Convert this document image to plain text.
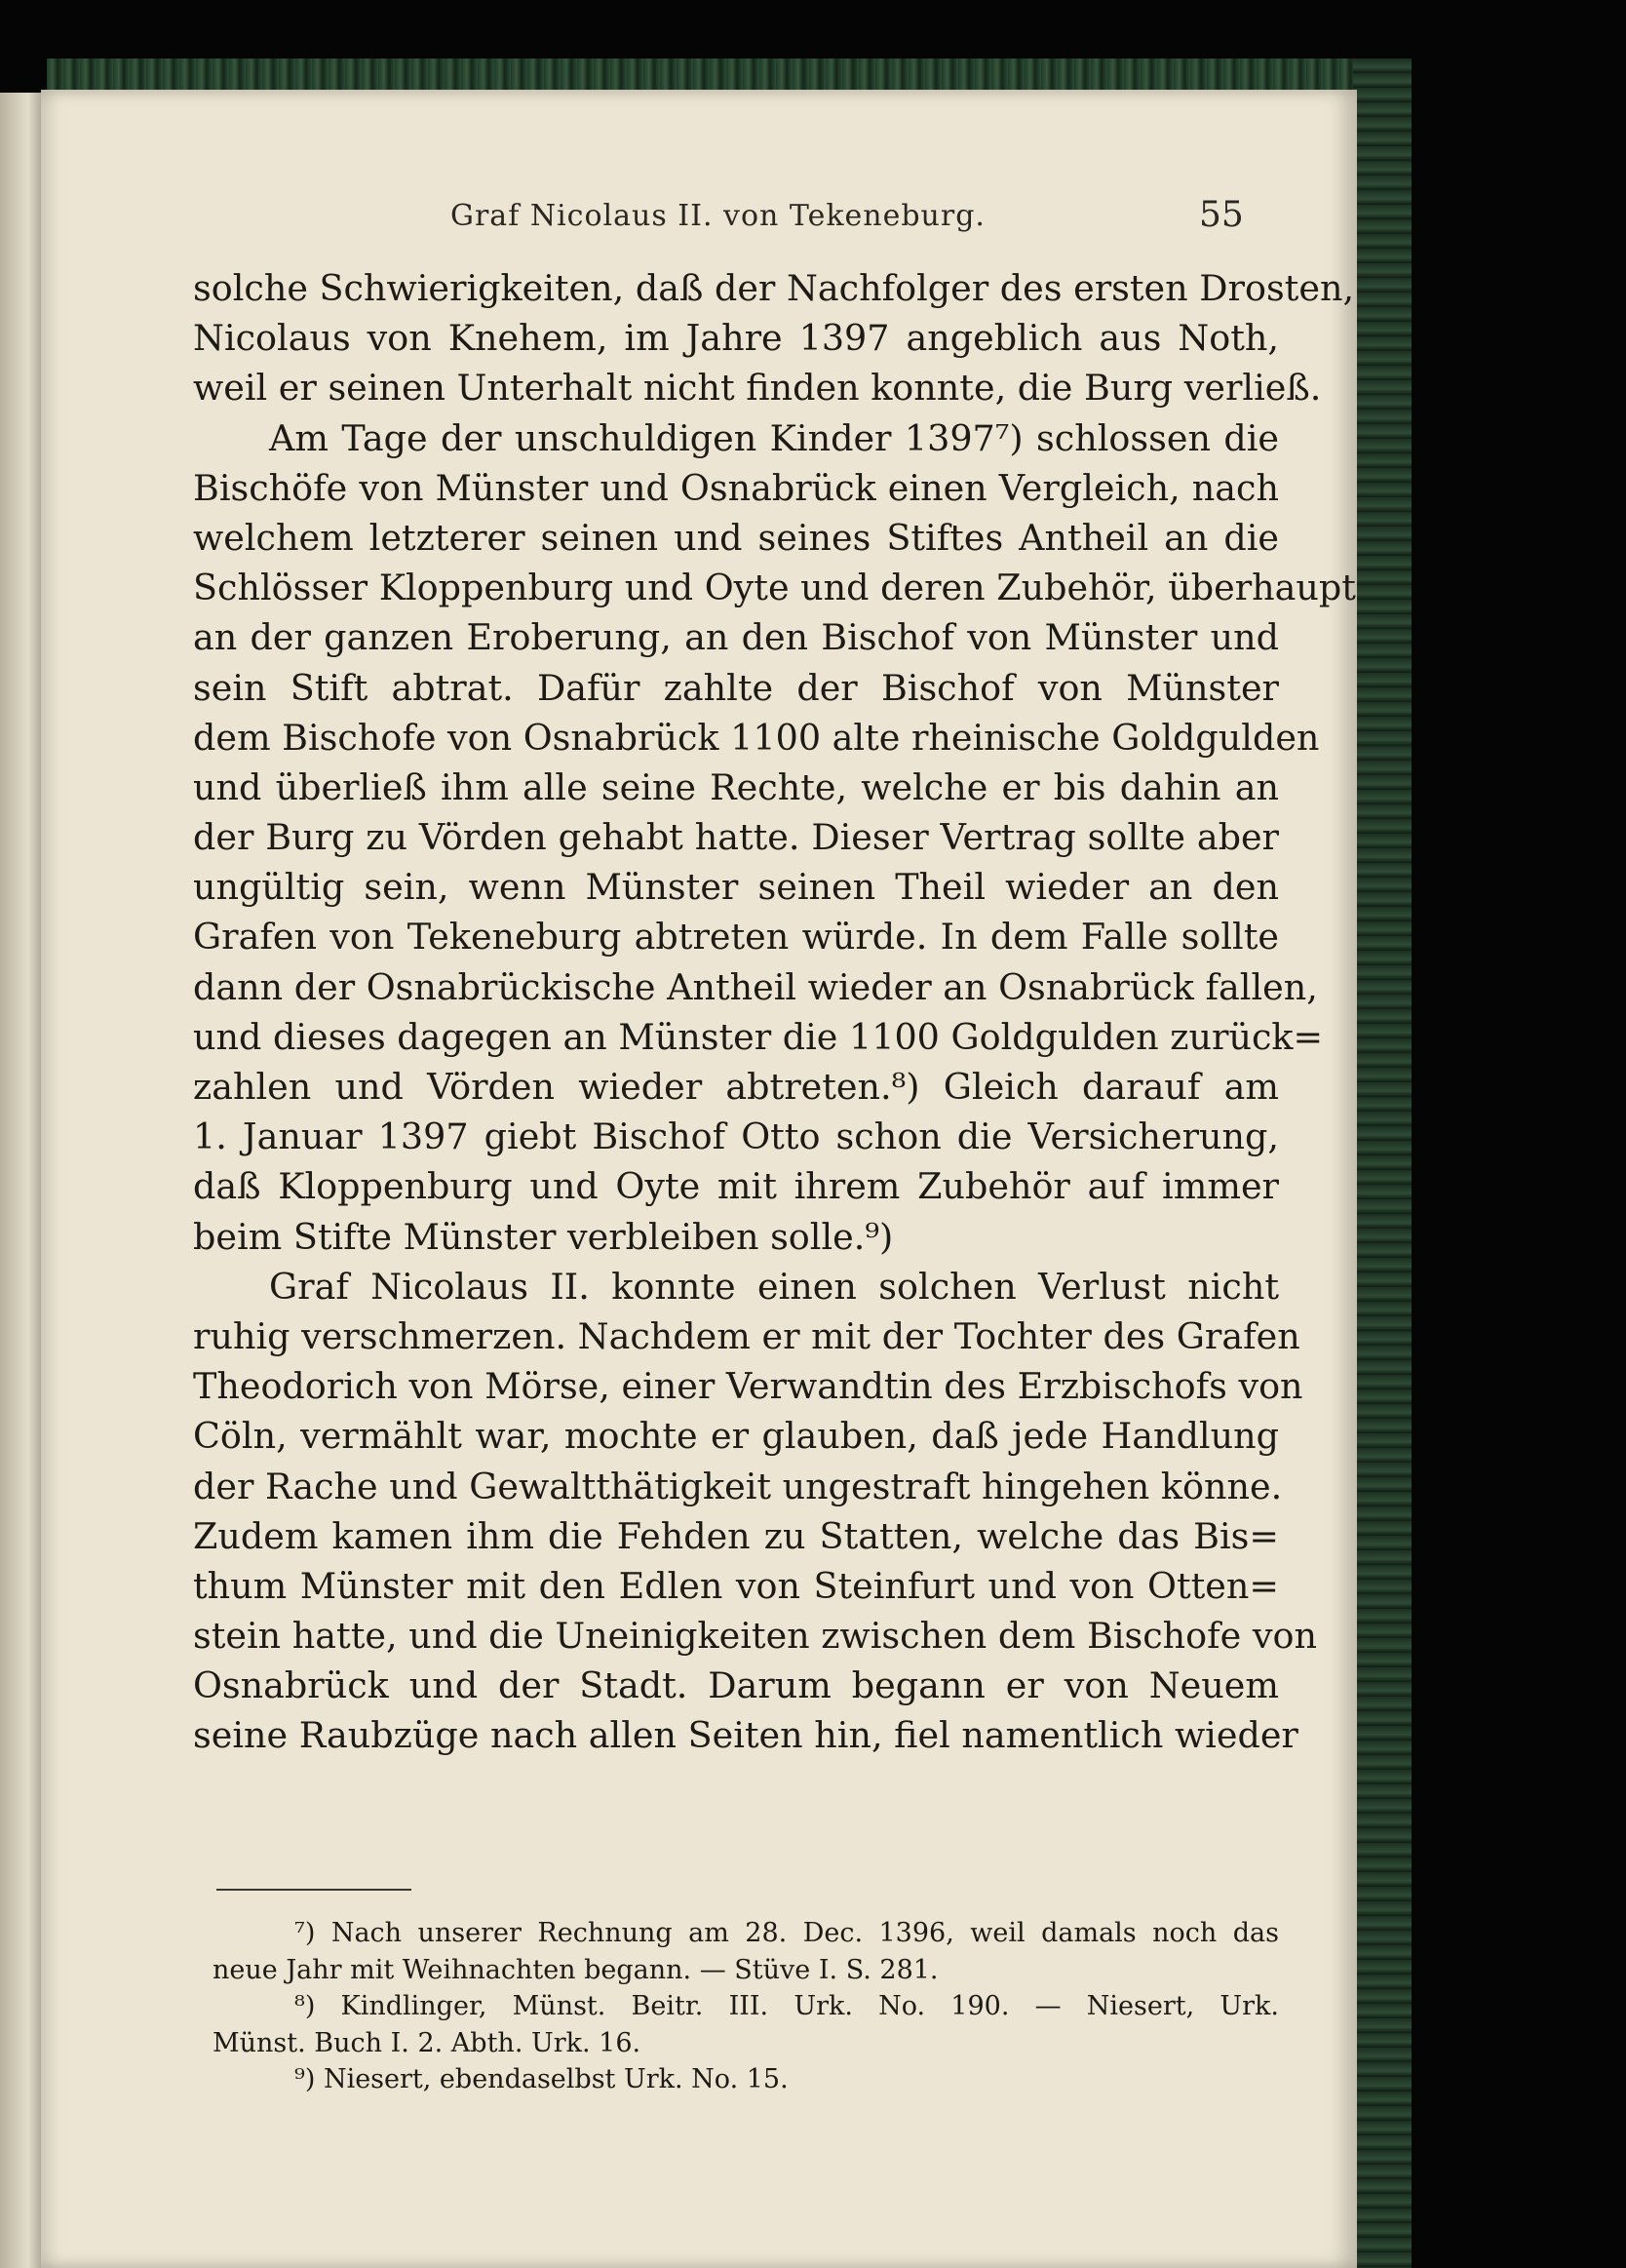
Graf Nicolaus II. von Tekeneburg.	55
solche Schwierigkeiten, daß der Nachfolger des ersten Drosten,
Nicolaus von Knehem, im Jahre 1397 angeblich aus Noth,
weil er seinen Unterhalt nicht finden konnte, die Burg verließ.
Am Tage der unschuldigen Kinder 1397⁷) schlossen die
Bischöfe von Münster und Osnabrück einen Vergleich, nach
welchem letzterer seinen und seines Stiftes Antheil an die
Schlösser Kloppenburg und Oyte und deren Zubehör, überhaupt
an der ganzen Eroberung, an den Bischof von Münster und
sein Stift abtrat. Dafür zahlte der Bischof von Münster
dem Bischofe von Osnabrück 1100 alte rheinische Goldgulden
und überließ ihm alle seine Rechte, welche er bis dahin an
der Burg zu Vörden gehabt hatte. Dieser Vertrag sollte aber
ungültig sein, wenn Münster seinen Theil wieder an den
Grafen von Tekeneburg abtreten würde. In dem Falle sollte
dann der Osnabrückische Antheil wieder an Osnabrück fallen,
und dieses dagegen an Münster die 1100 Goldgulden zurück=
zahlen und Vörden wieder abtreten.⁸) Gleich darauf am
1. Januar 1397 giebt Bischof Otto schon die Versicherung,
daß Kloppenburg und Oyte mit ihrem Zubehör auf immer
beim Stifte Münster verbleiben solle.⁹)
Graf Nicolaus II. konnte einen solchen Verlust nicht
ruhig verschmerzen. Nachdem er mit der Tochter des Grafen
Theodorich von Mörse, einer Verwandtin des Erzbischofs von
Cöln, vermählt war, mochte er glauben, daß jede Handlung
der Rache und Gewaltthätigkeit ungestraft hingehen könne.
Zudem kamen ihm die Fehden zu Statten, welche das Bis=
thum Münster mit den Edlen von Steinfurt und von Otten=
stein hatte, und die Uneinigkeiten zwischen dem Bischofe von
Osnabrück und der Stadt. Darum begann er von Neuem
seine Raubzüge nach allen Seiten hin, fiel namentlich wieder
⁷) Nach unserer Rechnung am 28. Dec. 1396, weil damals noch das
neue Jahr mit Weihnachten begann. — Stüve I. S. 281.
⁸) Kindlinger, Münst. Beitr. III. Urk. No. 190. — Niesert, Urk.
Münst. Buch I. 2. Abth. Urk. 16.
⁹) Niesert, ebendaselbst Urk. No. 15.
